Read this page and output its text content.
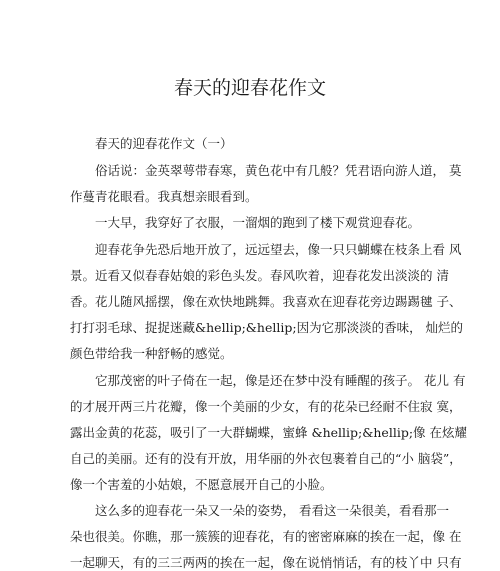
春天的迎春花作文
春天的迎春花作文（一）
俗话说：金英翠萼带春寒，黄色花中有几般？凭君语向游人道， 莫
作蔓青花眼看。我真想亲眼看到。
一大早，我穿好了衣服，一溜烟的跑到了楼下观赏迎春花。
迎春花争先恐后地开放了，远远望去，像一只只蝴蝶在枝条上看 风
景。近看又似春春姑娘的彩色头发。春风吹着，迎春花发出淡淡的 清
香。花儿随风摇摆，像在欢快地跳舞。我喜欢在迎春花旁边踢踢毽 子、
打打羽毛球、捉捉迷藏&hellip;&hellip;因为它那淡淡的香味， 灿烂的
颜色带给我一种舒畅的感觉。
它那茂密的叶子倚在一起，像是还在梦中没有睡醒的孩子。 花儿 有
的才展开两三片花瓣，像一个美丽的少女，有的花朵已经耐不住寂 寞，
露出金黄的花蕊，吸引了一大群蝴蝶，蜜蜂 &hellip;&hellip;像 在炫耀
自己的美丽。还有的没有开放，用华丽的外衣包裹着自己的“小 脑袋”，
像一个害羞的小姑娘，不愿意展开自己的小脸。
这么多的迎春花一朵又一朵的姿势， 看看这一朵很美，看看那一
朵也很美。你瞧，那一簇簇的迎春花，有的密密麻麻的挨在一起，像 在
一起聊天，有的三三两两的挨在一起，像在说悄悄话，有的枝丫中 只有
